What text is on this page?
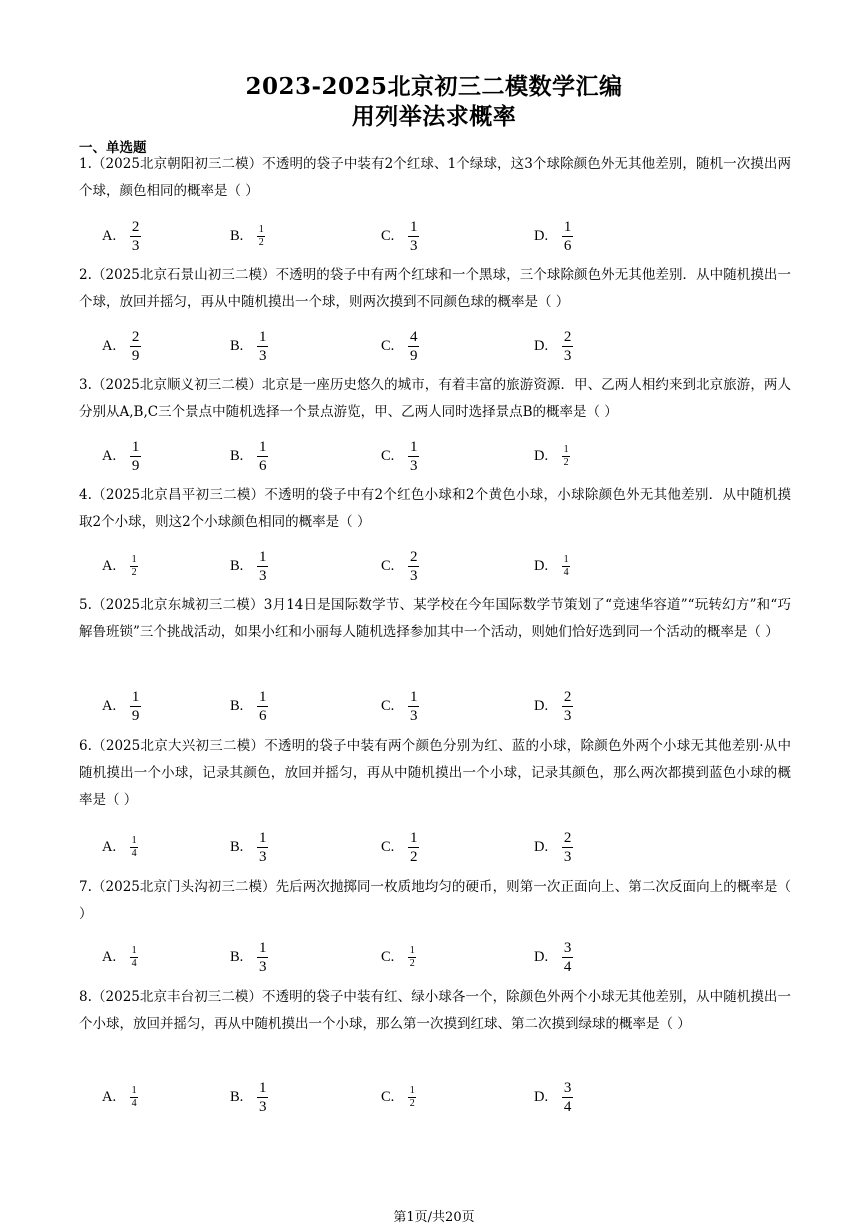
2023-2025北京初三二模数学汇编
用列举法求概率
一、单选题
1.（2025北京朝阳初三二模）不透明的袋子中装有2个红球、1个绿球，这3个球除颜色外无其他差别，随机一次摸出两个球，颜色相同的概率是（ ）
A. $\frac{2}{3}$	B. $\frac{1}{2}$	C. $\frac{1}{3}$	D. $\frac{1}{6}$
2.（2025北京石景山初三二模）不透明的袋子中有两个红球和一个黑球，三个球除颜色外无其他差别．从中随机摸出一个球，放回并摇匀，再从中随机摸出一个球，则两次摸到不同颜色球的概率是（ ）
A. $\frac{2}{9}$	B. $\frac{1}{3}$	C. $\frac{4}{9}$	D. $\frac{2}{3}$
3.（2025北京顺义初三二模）北京是一座历史悠久的城市，有着丰富的旅游资源．甲、乙两人相约来到北京旅游，两人分别从A,B,C三个景点中随机选择一个景点游览，甲、乙两人同时选择景点B的概率是（ ）
A. $\frac{1}{9}$	B. $\frac{1}{6}$	C. $\frac{1}{3}$	D. $\frac{1}{2}$
4.（2025北京昌平初三二模）不透明的袋子中有2个红色小球和2个黄色小球，小球除颜色外无其他差别．从中随机摸取2个小球，则这2个小球颜色相同的概率是（ ）
A. $\frac{1}{2}$	B. $\frac{1}{3}$	C. $\frac{2}{3}$	D. $\frac{1}{4}$
5.（2025北京东城初三二模）3月14日是国际数学节、某学校在今年国际数学节策划了“竞速华容道”“玩转幻方”和“巧解鲁班锁”三个挑战活动，如果小红和小丽每人随机选择参加其中一个活动，则她们恰好选到同一个活动的概率是（ ）
A. $\frac{1}{9}$	B. $\frac{1}{6}$	C. $\frac{1}{3}$	D. $\frac{2}{3}$
6.（2025北京大兴初三二模）不透明的袋子中装有两个颜色分别为红、蓝的小球，除颜色外两个小球无其他差别·从中随机摸出一个小球，记录其颜色，放回并摇匀，再从中随机摸出一个小球，记录其颜色，那么两次都摸到蓝色小球的概率是（ ）
A. $\frac{1}{4}$	B. $\frac{1}{3}$	C. $\frac{1}{2}$	D. $\frac{2}{3}$
7.（2025北京门头沟初三二模）先后两次抛掷同一枚质地均匀的硬币，则第一次正面向上、第二次反面向上的概率是（ ）
A. $\frac{1}{4}$	B. $\frac{1}{3}$	C. $\frac{1}{2}$	D. $\frac{3}{4}$
8.（2025北京丰台初三二模）不透明的袋子中装有红、绿小球各一个，除颜色外两个小球无其他差别，从中随机摸出一个小球，放回并摇匀，再从中随机摸出一个小球，那么第一次摸到红球、第二次摸到绿球的概率是（ ）
A. $\frac{1}{4}$	B. $\frac{1}{3}$	C. $\frac{1}{2}$	D. $\frac{3}{4}$
第1页/共20页
